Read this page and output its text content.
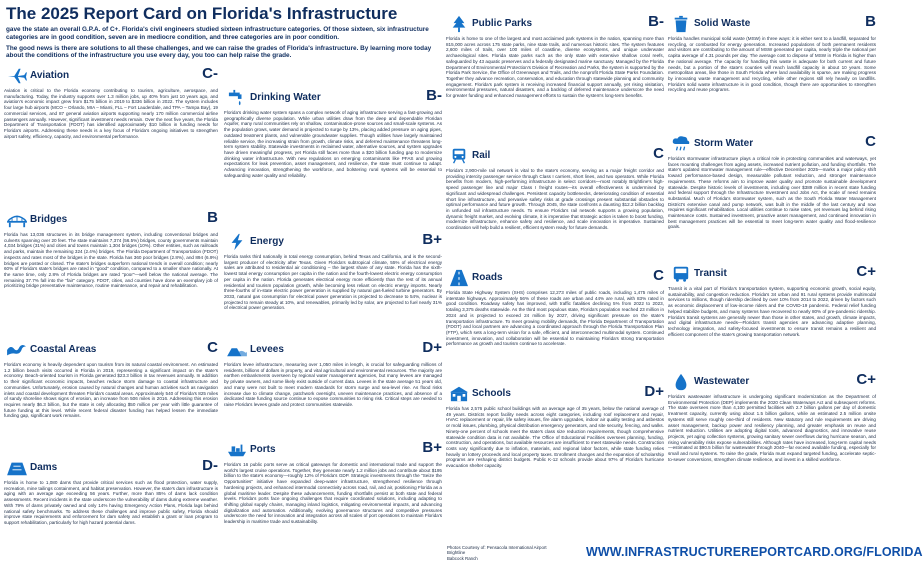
The 2025 Report Card on Florida's Infrastructure
gave the state an overall G.P.A. of C+. Florida's civil engineers studied sixteen infrastructure categories. Of those sixteen, six infrastructure categories are in good condition, seven are in mediocre condition, and three categories are in poor condition.
The good news is there are solutions to all these challenges, and we can raise the grades of Florida's infrastructure. By learning more today about the conditions of the infrastructure you use every day, you too can help raise the grade.
Aviation	C-
Aviation is critical to the Florida economy contributing to tourism, agriculture, aerospace, and manufacturing. Today, the industry supports over 1.3 million jobs, up 40% from just 10 years ago, and aviation's economic impact grew from $175 billion in 2019 to $336 billion in 2022. The system includes four large hub airports (MCO – Orlando, MIA – Miami, FLL – Fort Lauderdale, and TPA – Tampa Bay), 19 commercial services, and 87 general aviation airports supporting nearly 170 million commercial airline passengers annually. However, significant investment needs remain. Over the next five years, the Florida Department of Transportation (FDOT) has identified approximately $10 billion in funding needs for Florida's airports. Addressing these needs is a key focus of Florida's ongoing initiatives to strengthen airport safety, efficiency, capacity, and environmental performance.
Bridges	B
Florida has 13,036 structures in its bridge management system, including conventional bridges and culverts spanning over 20 feet. The state maintains 7,374 (56.5%) bridges, county governments maintain 4,034 bridges (31%) and cities and towns maintain 1,304 bridges (10%). Other entities, such as railroads and parks, maintain the remaining 324 (2.4%) bridges. The Florida Department of Transportation (FDOT) inspects and rates most of the bridges in the state. Florida has 360 poor bridges (2.8%), and 894 (6.9%) bridges are posted or closed. The state's bridges outperform national trends in overall condition; nearly 60% of Florida's state's bridges are rated in "good" condition, compared to a smaller share nationally. At the same time, only 2.8% of Florida bridges are rated "poor"—well below the national average. The remaining 37.7% fall into the "fair" category. FDOT, cities, and counties have done an exemplary job of prioritizing bridge preventative maintenance, routine maintenance, and repair and rehabilitation.
Coastal Areas	C
Florida's economy is heavily dependent upon tourism from its natural coastal environment. An estimated 1.2 billion beach visits occurred in Florida in 2019, representing a significant impact on the state's economy. Beach-oriented tourism in Florida generated $23.3 billion in tax revenues annually. In addition to their significant economic impacts, beaches reduce storm damage to coastal infrastructure and communities. Unfortunately, erosion caused by natural changes and human activities such as navigation inlets and coastal development threaten Florida's coastal areas. Approximately 540 of Florida's 825 miles of sandy shoreline shows signs of erosion, an increase from 506 miles in 2016. Addressing this erosion requires nearly $6.3 billion, but the state is only allocating $50 million per year with little guarantee of future funding at this level. While recent federal disaster funding has helped lessen the immediate funding gap, significant work remains.
Dams	D-
Florida is home to 1,080 dams that provide critical services such as flood protection, water supply, recreation, mine tailings containment, and habitat preservation. However, the state's dam infrastructure is aging with an average age exceeding 56 years. Further, more than 85% of dams lack condition assessments. Recent incidents in the state underscore the vulnerability of dams during extreme weather. With 79% of dams privately owned and only 14% having Emergency Action Plans, Florida lags behind national safety benchmarks. To address these challenges and improve public safety, Florida should improve state requirements and enforcement for dam safety and establish a grant or loan program to support rehabilitation, particularly for high hazard potential dams.
Drinking Water	B-
Florida's drinking water system spans a complex network of aging infrastructure serving a fast-growing and geographically diverse population. While urban utilities draw from the deep and dependable Floridan Aquifer, many rural communities rely on shallow, contamination-prone sources and small-scale systems. As the population grows, water demand is projected to surge by 13%, placing added pressure on aging pipes, outdated treatment plants, and vulnerable groundwater supplies. Though utilities have largely maintained reliable service, the increasing strain from growth, climate risks, and deferred maintenance threatens long-term system stability. Statewide investments in reclaimed water, alternative sources, and system upgrades have driven meaningful progress, yet Florida still faces more than a $20 billion funding gap to modernize drinking water infrastructure. With new regulations on emerging contaminants like PFAS and growing expectations for leak prevention, asset management, and resilience, the state must continue to adapt. Advancing innovation, strengthening the workforce, and bolstering rural systems will be essential to safeguarding water quality and reliability.
Energy	B+
Florida ranks third nationally in total energy consumption, behind Texas and California, and is the second-largest producer of electricity after Texas. Given Florida's subtropical climate, 55% of electrical energy sales are attributed to residential air conditioning – the largest share of any state. Florida has the sixth-lowest total energy consumption per capita in the nation and the fourth-lowest electric energy consumption per capita in the nation. Florida generates electrical energy more efficiently than the rest of its annual residential and tourism population growth, while becoming less reliant on electric energy imports. Nearly three-fourths of in-state electric power generation is supplied by natural gas-fueled turbine generators. By 2033, natural gas consumption for electrical power generation is projected to decrease to 54%, nuclear is projected to remain steady at 10%, and renewables, primarily led by solar, are projected to fuel nearly 31% of electrical power generation.
Levees	D+
Florida's levee infrastructure, measuring over 1,050 miles in length, is crucial for safeguarding millions of residents, billions of dollars in property, and vital agricultural and environmental resources. The majority are earthen embankments overseen by regional water management agencies, but many levees are managed by private owners, and some likely exist outside of current data. Levees in the state average 51 years old, and many were not built to meet modern standards for storm surge and sea-level rise. As flood risks increase due to climate change, patchwork oversight, uneven maintenance practices, and absence of a dedicated state funding source continue to expose communities to rising risk. Critical steps are needed to raise Florida's levees grade and protect communities statewide.
Ports	B+
Florida's 16 public ports serve as critical gateways for domestic and international trade and support the world's largest cruise operations. Together, they generate nearly 1.2 million jobs and contribute about $195 billion to the state's economy—roughly 12% of Florida's GDP. Strategic investments through the "Seize the Opportunities" initiative have expanded deep-water infrastructure, strengthened resilience through hardening projects, and enhanced intermodal connectivity across road, rail, and air, positioning Florida as a global maritime leader. Despite these advancements, funding shortfalls persist at both state and federal levels. Florida's ports face ongoing challenges that require coordinated solutions, including adapting to shifting global supply chains, managing inland logistics, mitigating environmental impacts, and advancing digitalization and automation. Additionally, evolving governance structures and competitive pressures underscore the need for innovation and integration across all scales of port operations to maintain Florida's leadership in maritime trade and sustainability.
Public Parks	B-
Florida is home to one of the largest and most acclaimed park systems in the nation, spanning more than 815,000 acres across 175 state parks, nine state trails, and numerous historic sites. The system features 2,600 miles of trails, over 100 miles of coastline, diverse ecosystems, and unique underwater archaeological sites. Florida state parks such as the only state with extensive shallow coral reefs, safeguarded by 43 aquatic preserves and a federally designated marine sanctuary. Managed by the Florida Department of Environmental Protection's Division of Recreation and Parks, the system is supported by the Florida Park Service, the Office of Greenways and Trails, and the nonprofit Florida State Parks Foundation. Together they advance recreation, conservation, and education through statewide planning and community engagement. Florida's park system is receiving increased financial support annually, yet rising visitation, environmental pressures, natural disasters, and a backlog of deferred maintenance underscore the need for greater funding and enhanced management efforts to sustain the system's long-term benefits.
Rail	C
Florida's 2,900-mile rail network is vital to the state's economy, serving as a major freight corridor and providing intercity passenger service through Class I carriers, short lines, and two operators. While Florida benefits from modern, high-performing infrastructure in select corridors—most notably Brightline's high-speed passenger line and major Class I freight routes—its overall effectiveness is undermined by significant and widespread challenges. Persistent capacity bottlenecks, deteriorating condition of essential short line infrastructure, and pervasive safety risks at grade crossings present substantial obstacles to optimal performance and future growth. Through 2045, the state confronts a daunting $12.2 billion backlog in unfunded rail infrastructure needs. To ensure Florida's rail network supports a growing population, dynamic freight market, and evolving climate, it is imperative that strategic action is taken to boost funding, modernize infrastructure, enhance safety and resilience, and scale innovation is imperative. Sustained coordination will help build a resilient, efficient system ready for future demands.
Roads	C
Florida State Highway System (SHS) comprises 12,273 miles of public roads, including 1,475 miles of interstate highways. Approximately 56% of these roads are urban and 44% are rural, with 83% rated in good condition. Roadway safety has improved, with traffic fatalities declining 5% from 2022 to 2023, totaling 3,375 deaths statewide. As the third most populous state, Florida's population reached 23 million in 2024 and is projected to exceed 24 million by 2027, driving significant pressure on the state's transportation infrastructure. To meet growing mobility demands, the Florida Department of Transportation (FDOT) and local partners are advancing a coordinated approach through the Florida Transportation Plan (FTP), which sets a long-term vision for a safe, efficient, and interconnected multimodal system. Continued investment, innovation, and collaboration will be essential to maintaining Florida's strong transportation performance as growth and tourism continue to accelerate.
Schools	D+
Florida has 2,576 public school buildings with an average age of 35 years, below the national average of 49 years. Districts report facility needs across eight categories, including roof replacement and repair, HVAC replacement or repair, life safety issues, fire alarm upgrades, indoor air quality testing and asbestos or mold issues, plumbing, physical distribution emergency generators, and site security, fencing, and walks. Ninety-one percent of schools meet the state's class size reduction requirements, though comprehensive statewide condition data is not available. The Office of Educational Facilities oversees planning, funding, construction, and operations, but available resources are insufficient to meet statewide needs. Construction costs vary significantly due to inflation, materials, and regional labor factors, while state funding relies heavily on lottery proceeds and local property taxes. Enrollment changes and the expansion of scholarship programs are reshaping district budgets. Public K-12 schools provide about 97% of Florida's hurricane evacuation shelter capacity.
Solid Waste	B
Florida handles municipal solid waste (MSW) in three ways: it is either sent to a landfill, separated for recycling, or combusted for energy generation. Increased populations of both permanent residents and visitors are contributing to the amount of MSW generated per capita, nearly triple the national per capita average of 4.31 pounds per day. The average cost to dispose of MSW in Florida is higher than the national average. The capacity for handling this waste is adequate for both current and future needs, but a portion of the state's counties will reach landfill capacity in about 10 years. Some metropolitan areas, like those in South Florida where land availability is sparse, are making progress by innovating waste management and recycling, while other regions still rely heavily on landfills. Florida's solid waste infrastructure is in good condition, though there are opportunities to strengthen recycling and reuse programs.
Storm Water	C
Florida's stormwater infrastructure plays a critical role in protecting communities and waterways, yet faces mounting challenges from aging assets, increased nutrient pollution, and funding shortfalls. The state's updated stormwater management rule—effective December 2025—marks a major policy shift toward performance-based design, measurable pollutant reduction, and stronger maintenance requirements. These reforms aim to improve water quality and promote sustainable development statewide. Despite historic levels of investments, including over $389 million in recent state funding and federal support through the Infrastructure Investment and Jobs Act, the scale of need remains substantial. Much of Florida's stormwater system, such as the South Florida Water Management District's extensive canal and pump network, was built in the middle of the last century and now requires significant rehabilitation. Local utilities continue to raise rates, yet revenues lag behind rising maintenance costs. Sustained investment, proactive asset management, and continued innovation in best management practices will be essential to meet long-term water quality and flood-resilience goals.
Transit	C+
Transit is a vital part of Florida's transportation system, supporting economic growth, social equity, sustainability, and congestion reduction. Florida's 34 urban and 91 rural systems provide multimodal services to millions, though ridership declined by over 10% from 2014 to 2022, driven by factors such as economic displacement of low-income riders and the COVID-19 pandemic. Federal relief funding helped stabilize budgets, and many systems have recovered to nearly 80% of pre-pandemic ridership. Florida's transit systems are generally newer than those in other states, and growth, climate impacts, and digital infrastructure needs—Florida's transit agencies are advancing adaptive planning, technology integration, and safety-focused investments to ensure transit remains a resilient and efficient component of the state's growing transportation network.
Wastewater	C+
Florida's wastewater infrastructure is undergoing significant modernization as the Department of Environmental Protection (DEP) implements the 2020 Clean Waterways Act and subsequent reforms. The state oversees more than 4,100 permitted facilities with 2.7 billion gallons per day of domestic treatment capacity, currently using about 1.5 billion gallons, while an estimated 2.5 million onsite systems still serve roughly one-third of residents. New statutory and rule requirements are driving asset management, backup power and resiliency planning, and greater emphasis on reuse and nutrient reduction. Utilities are adopting digital tools, advanced diagnostics, and innovative reuse projects, yet aging collection systems, growing sanitary sewer overflows during hurricane season, and rising vulnerability risks expose vulnerabilities. Although rates have increased, long-term capital needs—estimated at $90.5 billion for wastewater through 2040—far exceed available funding, especially for small and rural systems. To raise the grade, Florida must expand targeted funding, accelerate septic-to-sewer conversions, strengthen climate resilience, and invest in a skilled workforce.
Photos Courtesy of: Pensacola International Airport
Brightline
Babcock Ranch	WWW.INFRASTRUCTUREREPORTCARD.ORG/FLORIDA
